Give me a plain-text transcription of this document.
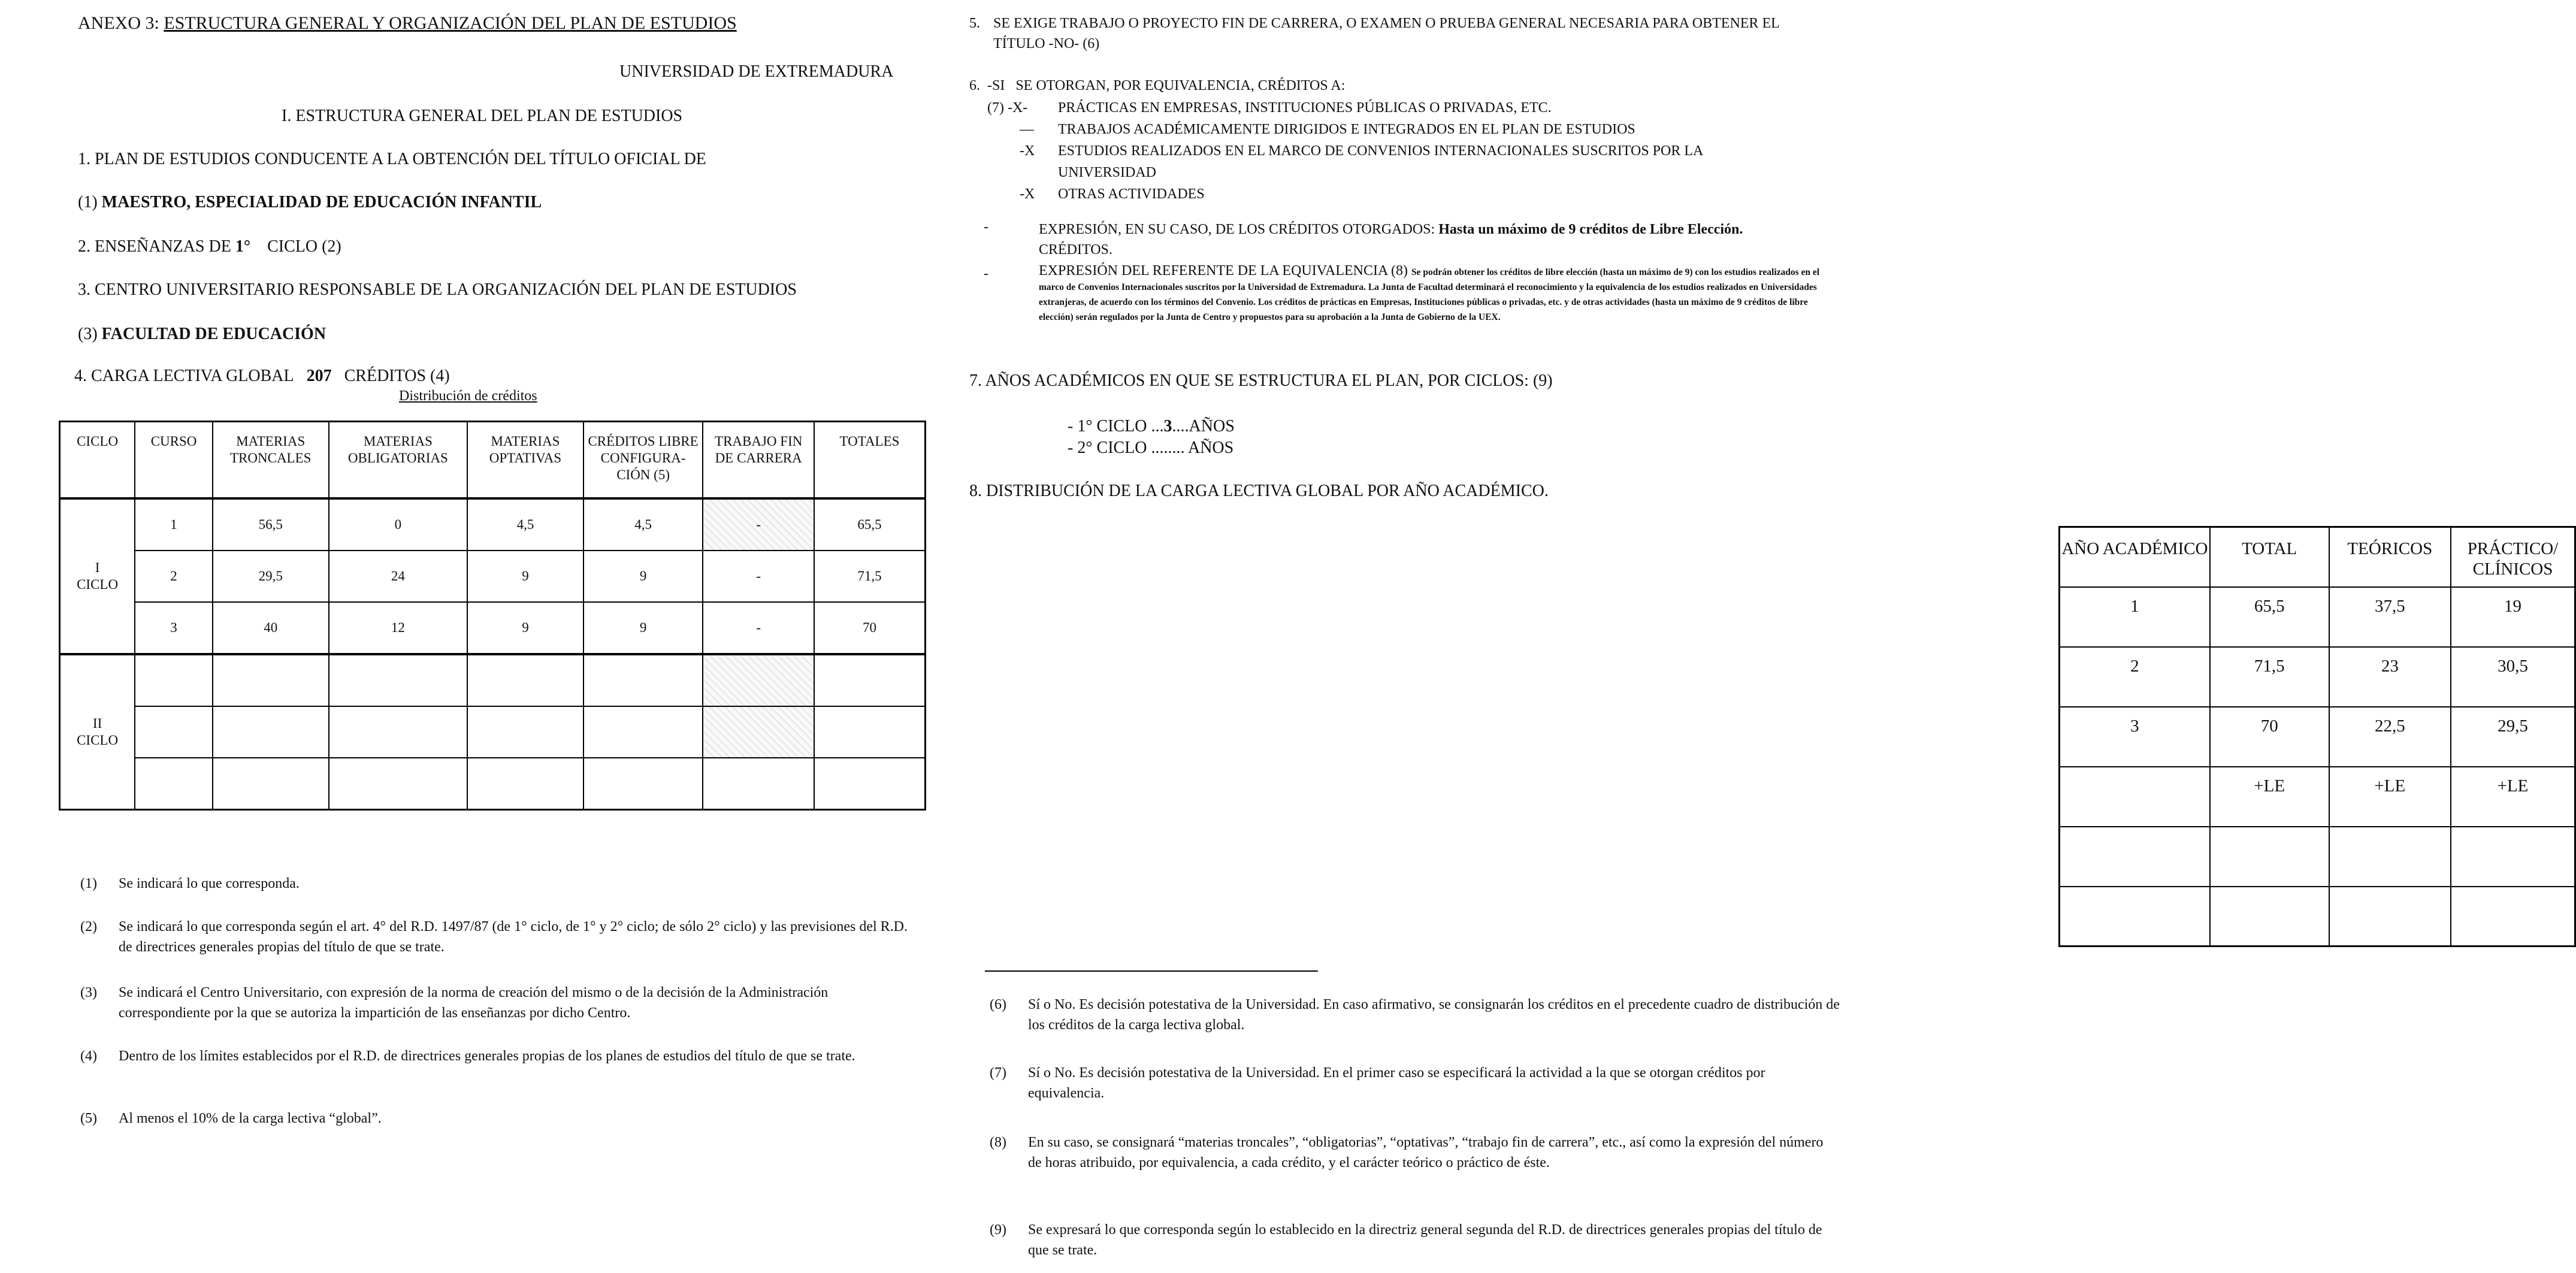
ANEXO 3: ESTRUCTURA GENERAL Y ORGANIZACIÓN DEL PLAN DE ESTUDIOS
UNIVERSIDAD DE EXTREMADURA
I. ESTRUCTURA GENERAL DEL PLAN DE ESTUDIOS
1. PLAN DE ESTUDIOS CONDUCENTE A LA OBTENCIÓN DEL TÍTULO OFICIAL DE
(1) MAESTRO, ESPECIALIDAD DE EDUCACIÓN INFANTIL
2. ENSEÑANZAS DE 1° CICLO (2)
3. CENTRO UNIVERSITARIO RESPONSABLE DE LA ORGANIZACIÓN DEL PLAN DE ESTUDIOS
(3) FACULTAD DE EDUCACIÓN
4. CARGA LECTIVA GLOBAL 207 CRÉDITOS (4)
Distribución de créditos
CICLO	CURSO	MATERIAS TRONCALES	MATERIAS OBLIGATORIAS	MATERIAS OPTATIVAS	CRÉDITOS LIBRE CONFIGURA-CIÓN (5)	TRABAJO FIN DE CARRERA	TOTALES

I
CICLO	1	56,5	0	4,5	4,5	-	65,5
	2	29,5	24	9	9	-	71,5
	3	40	12	9	9	-	70

II
CICLO							

(1) Se indicará lo que corresponda.
(2) Se indicará lo que corresponda según el art. 4° del R.D. 1497/87 (de 1° ciclo, de 1° y 2° ciclo; de sólo 2° ciclo) y las previsiones del R.D. de directrices generales propias del título de que se trate.
(3) Se indicará el Centro Universitario, con expresión de la norma de creación del mismo o de la decisión de la Administración correspondiente por la que se autoriza la impartición de las enseñanzas por dicho Centro.
(4) Dentro de los límites establecidos por el R.D. de directrices generales propias de los planes de estudios del título de que se trate.
(5) Al menos el 10% de la carga lectiva “global”.
5. SE EXIGE TRABAJO O PROYECTO FIN DE CARRERA, O EXAMEN O PRUEBA GENERAL NECESARIA PARA OBTENER EL TÍTULO -NO- (6)
6. -SI   SE OTORGAN, POR EQUIVALENCIA, CRÉDITOS A:
(7) -X- PRÁCTICAS EN EMPRESAS, INSTITUCIONES PÚBLICAS O PRIVADAS, ETC.
— TRABAJOS ACADÉMICAMENTE DIRIGIDOS E INTEGRADOS EN EL PLAN DE ESTUDIOS
-X ESTUDIOS REALIZADOS EN EL MARCO DE CONVENIOS INTERNACIONALES SUSCRITOS POR LA
UNIVERSIDAD
-X OTRAS ACTIVIDADES
-	EXPRESIÓN, EN SU CASO, DE LOS CRÉDITOS OTORGADOS: Hasta un máximo de 9 créditos de Libre Elección.
CRÉDITOS.
-	EXPRESIÓN DEL REFERENTE DE LA EQUIVALENCIA (8) Se podrán obtener los créditos de libre elección (hasta un máximo de 9) con los estudios realizados en el marco de Convenios Internacionales suscritos por la Universidad de Extremadura. La Junta de Facultad determinará el reconocimiento y la equivalencia de los estudios realizados en Universidades extranjeras, de acuerdo con los términos del Convenio. Los créditos de prácticas en Empresas, Instituciones públicas o privadas, etc. y de otras actividades (hasta un máximo de 9 créditos de libre elección) serán regulados por la Junta de Centro y propuestos para su aprobación a la Junta de Gobierno de la UEX.
7. AÑOS ACADÉMICOS EN QUE SE ESTRUCTURA EL PLAN, POR CICLOS: (9)
- 1° CICLO ...3....AÑOS
- 2° CICLO ........ AÑOS
8. DISTRIBUCIÓN DE LA CARGA LECTIVA GLOBAL POR AÑO ACADÉMICO.
AÑO ACADÉMICO	TOTAL	TEÓRICOS	PRÁCTICO/ CLÍNICOS
1	65,5	37,5	19
2	71,5	23	30,5
3	70	22,5	29,5
	+LE	+LE	+LE

(6) Sí o No. Es decisión potestativa de la Universidad. En caso afirmativo, se consignarán los créditos en el precedente cuadro de distribución de los créditos de la carga lectiva global.
(7) Sí o No. Es decisión potestativa de la Universidad. En el primer caso se especificará la actividad a la que se otorgan créditos por equivalencia.
(8) En su caso, se consignará “materias troncales”, “obligatorias”, “optativas”, “trabajo fin de carrera”, etc., así como la expresión del número de horas atribuido, por equivalencia, a cada crédito, y el carácter teórico o práctico de éste.
(9) Se expresará lo que corresponda según lo establecido en la directriz general segunda del R.D. de directrices generales propias del título de que se trate.
